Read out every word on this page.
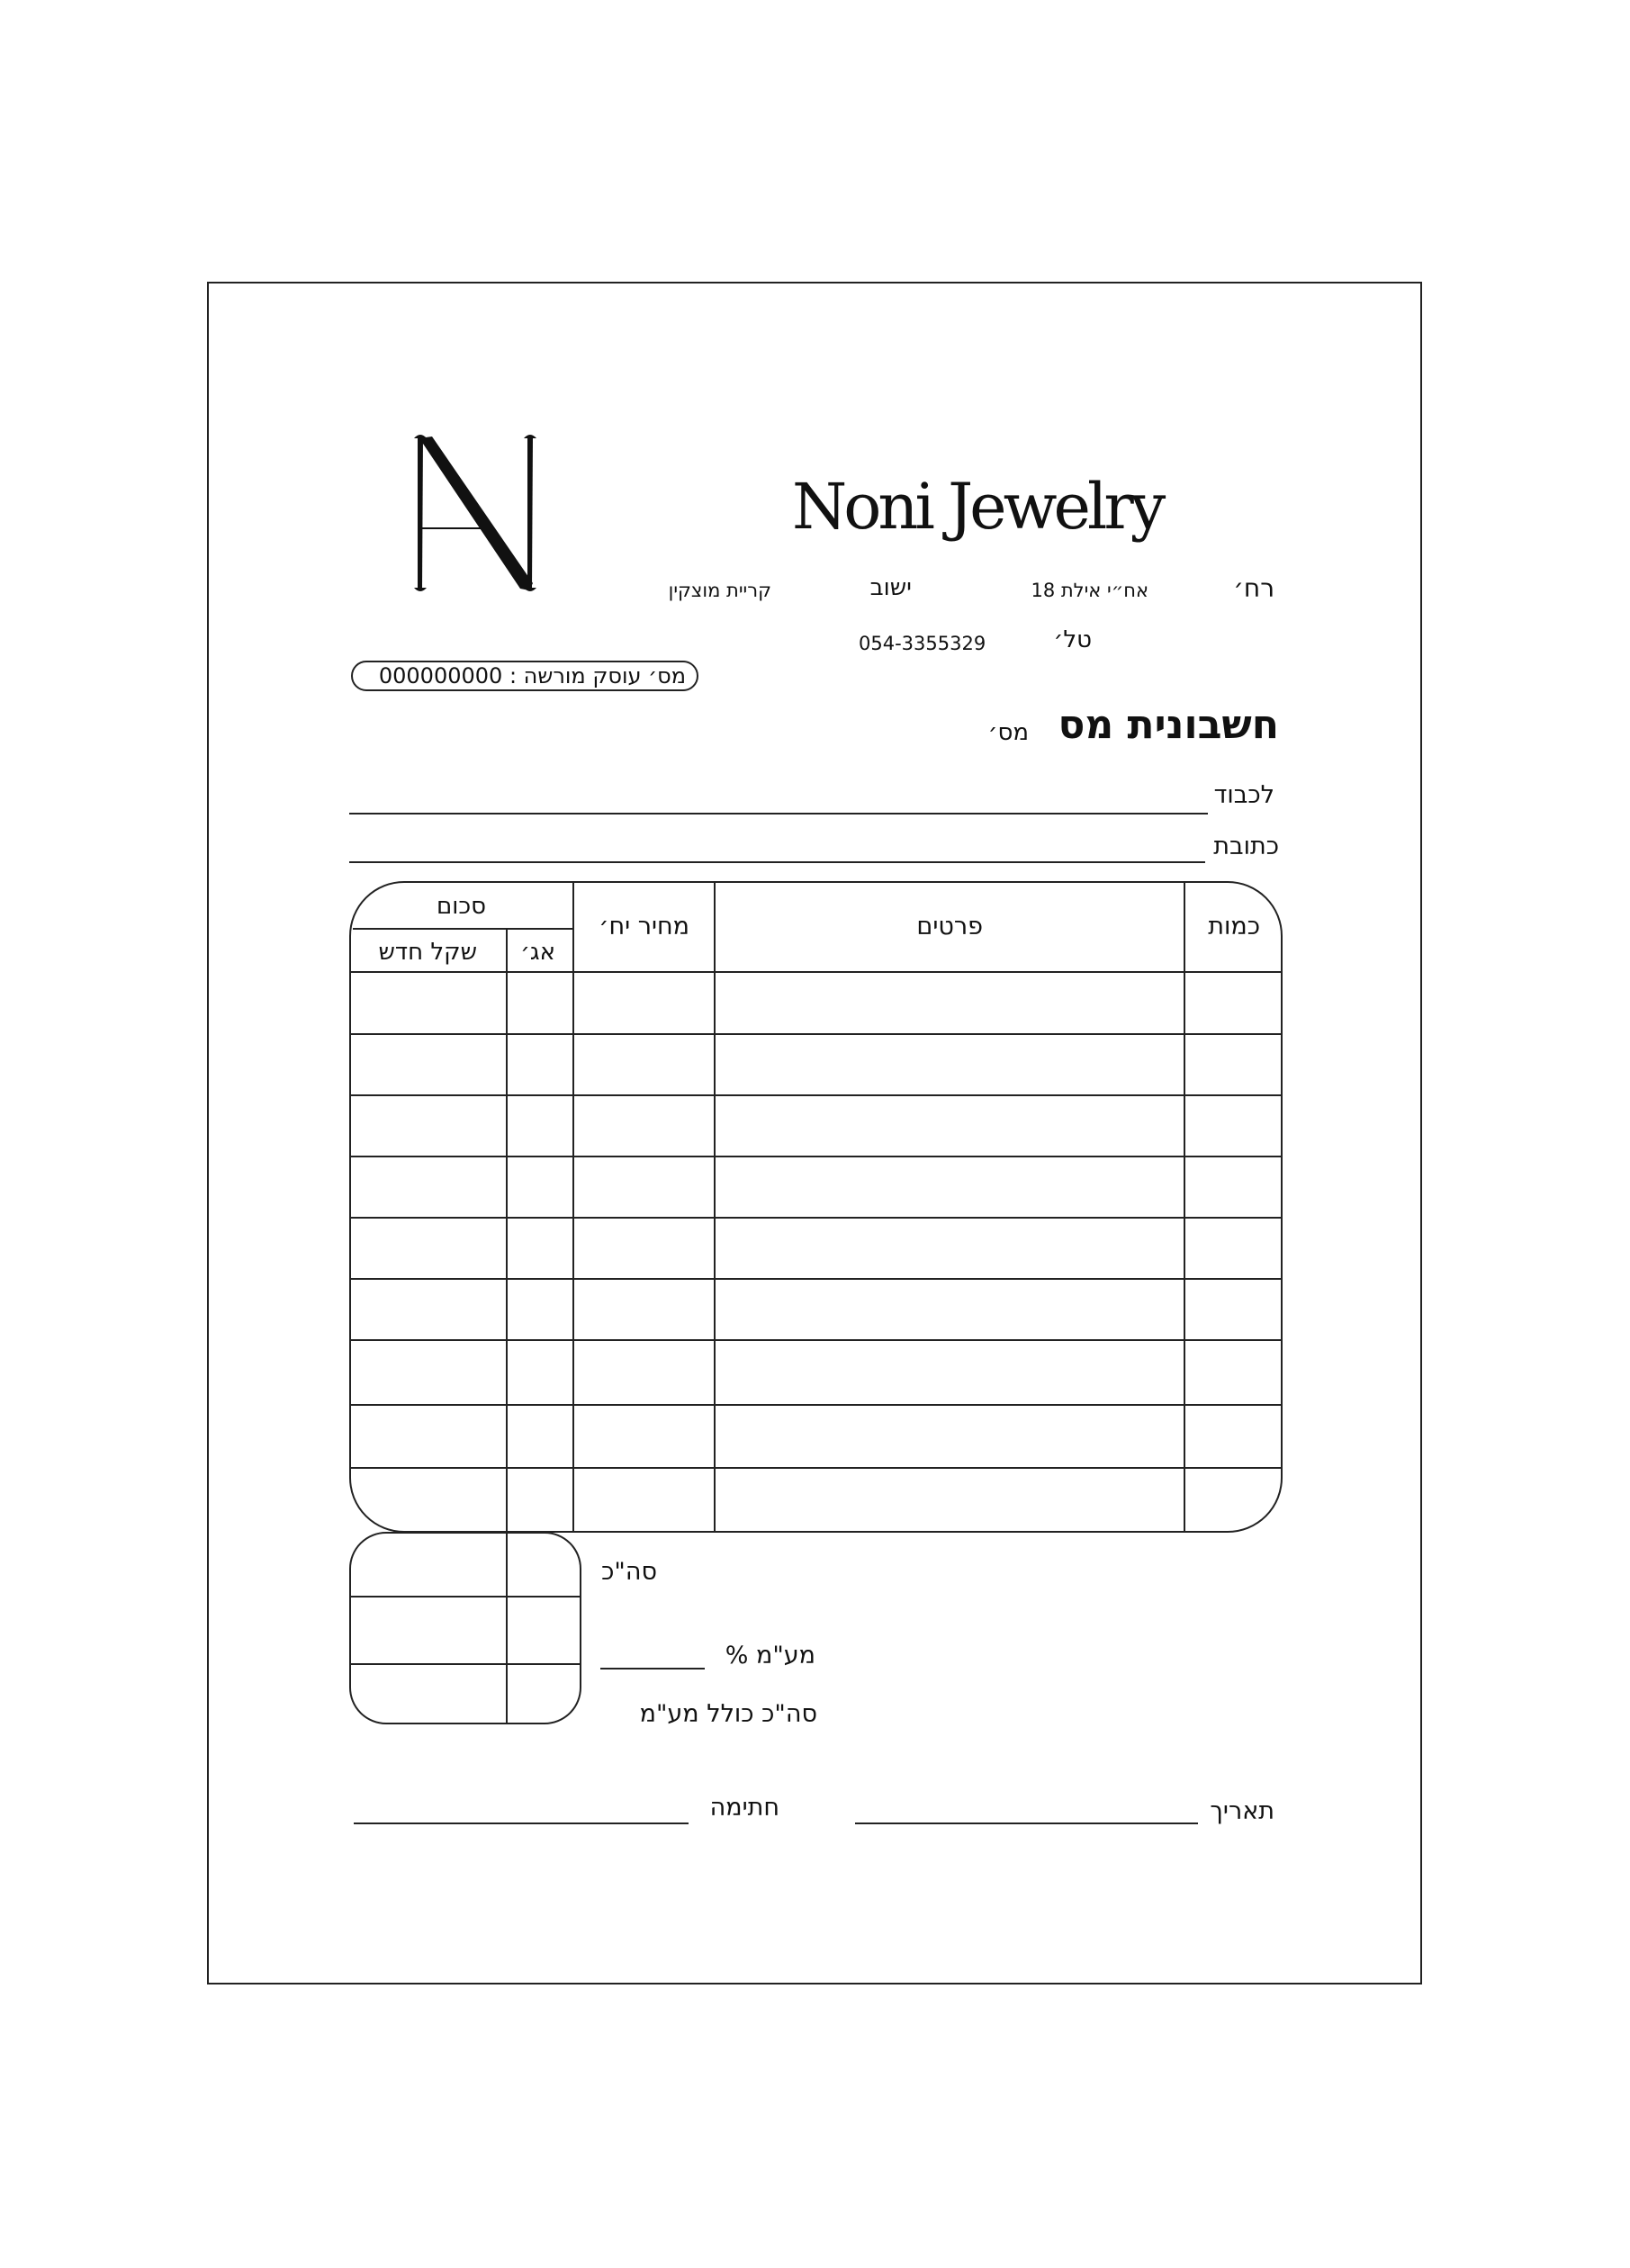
Noni Jewelry
רח׳
אח״י אילת 18
ישוב
קריית מוצקין
טל׳
054-3355329
מס׳ עוסק מורשה : 000000000
חשבונית מס
מס׳
לכבוד
כתובת
כמות
פרטים
מחיר יח׳
סכום
אג׳
שקל חדש
סה"כ
מע"מ %
סה"כ כולל מע"מ
תאריך
חתימה
